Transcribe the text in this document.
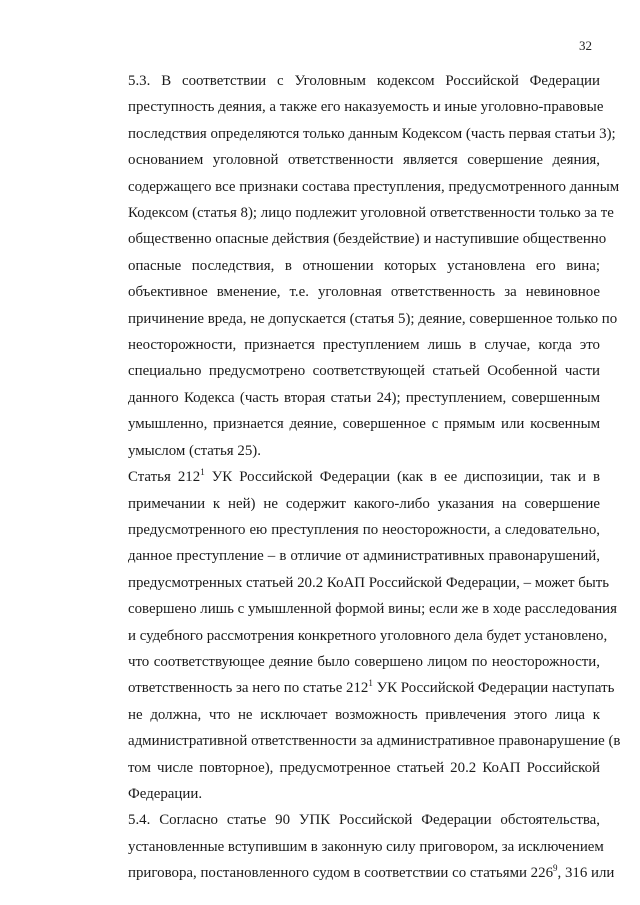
32

5.3. В соответствии с Уголовным кодексом Российской Федерации
преступность деяния, а также его наказуемость и иные уголовно-правовые
последствия определяются только данным Кодексом (часть первая статьи 3);
основанием уголовной ответственности является совершение деяния,
содержащего все признаки состава преступления, предусмотренного данным
Кодексом (статья 8); лицо подлежит уголовной ответственности только за те
общественно опасные действия (бездействие) и наступившие общественно
опасные последствия, в отношении которых установлена его вина;
объективное вменение, т.е. уголовная ответственность за невиновное
причинение вреда, не допускается (статья 5); деяние, совершенное только по
неосторожности, признается преступлением лишь в случае, когда это
специально предусмотрено соответствующей статьей Особенной части
данного Кодекса (часть вторая статьи 24); преступлением, совершенным
умышленно, признается деяние, совершенное с прямым или косвенным
умыслом (статья 25).

Статья $212^1$ УК Российской Федерации (как в ее диспозиции, так и в
примечании к ней) не содержит какого-либо указания на совершение
предусмотренного ею преступления по неосторожности, а следовательно,
данное преступление – в отличие от административных правонарушений,
предусмотренных статьей 20.2 КоАП Российской Федерации, – может быть
совершено лишь с умышленной формой вины; если же в ходе расследования
и судебного рассмотрения конкретного уголовного дела будет установлено,
что соответствующее деяние было совершено лицом по неосторожности,
ответственность за него по статье $212^1$ УК Российской Федерации наступать
не должна, что не исключает возможность привлечения этого лица к
административной ответственности за административное правонарушение (в
том числе повторное), предусмотренное статьей 20.2 КоАП Российской
Федерации.

5.4. Согласно статье 90 УПК Российской Федерации обстоятельства,
установленные вступившим в законную силу приговором, за исключением
приговора, постановленного судом в соответствии со статьями $226^9$, 316 или
